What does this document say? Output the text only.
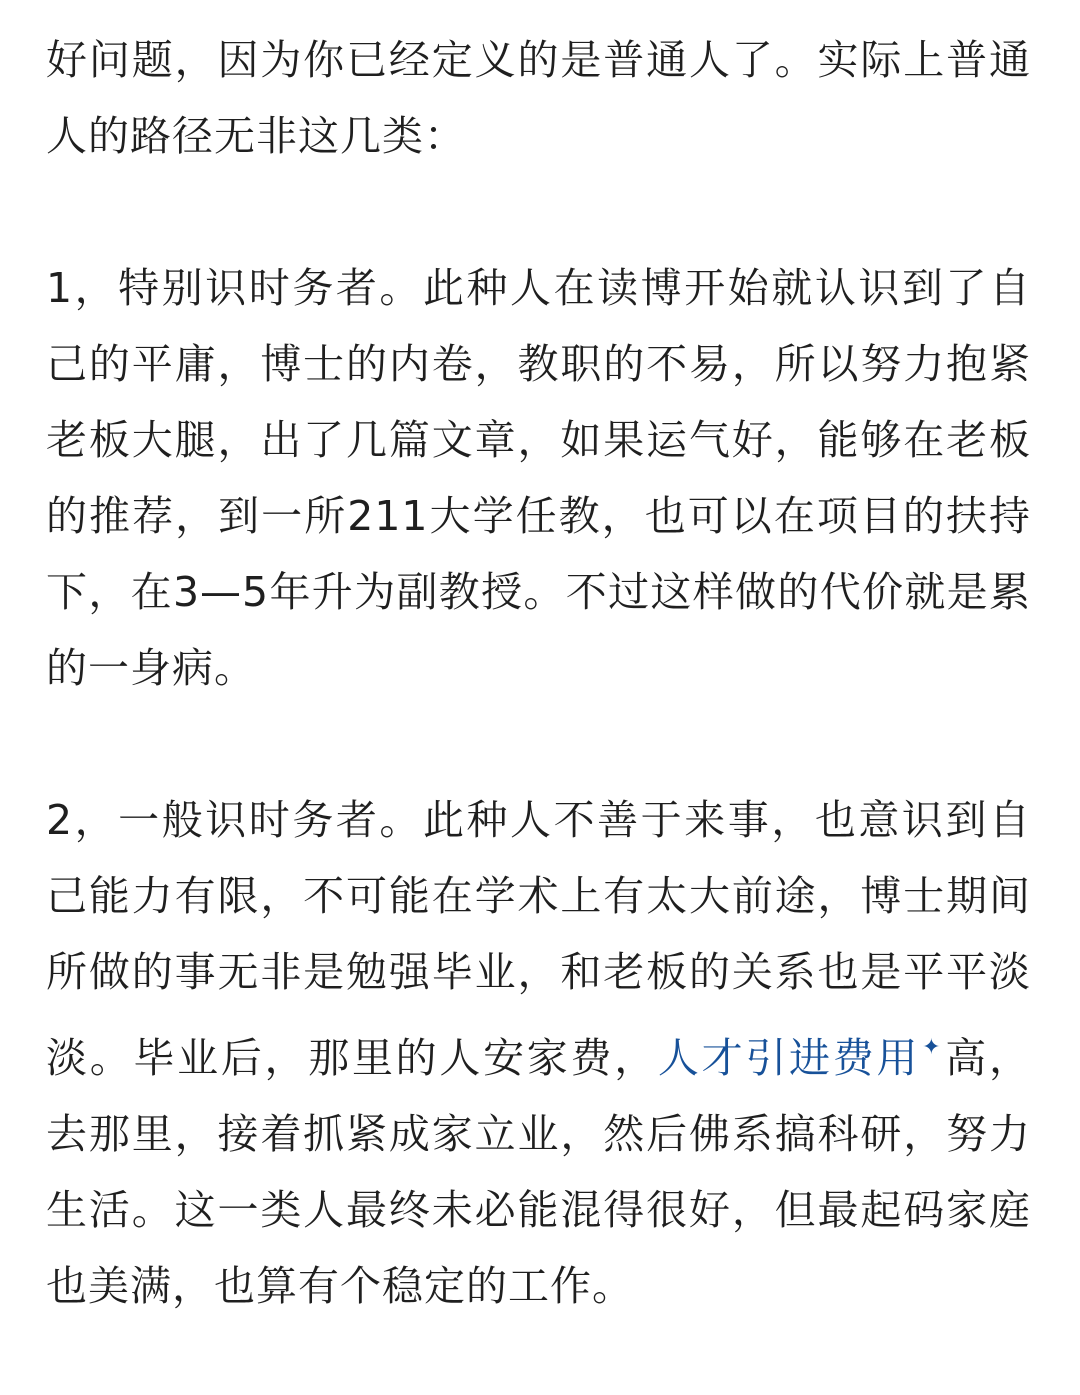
好问题，因为你已经定义的是普通人了。实际上普通人的路径无非这几类：

1，特别识时务者。此种人在读博开始就认识到了自己的平庸，博士的内卷，教职的不易，所以努力抱紧老板大腿，出了几篇文章，如果运气好，能够在老板的推荐，到一所211大学任教，也可以在项目的扶持下，在3—5年升为副教授。不过这样做的代价就是累的一身病。

2，一般识时务者。此种人不善于来事，也意识到自己能力有限，不可能在学术上有太大前途，博士期间所做的事无非是勉强毕业，和老板的关系也是平平淡淡。毕业后，那里的人安家费，人才引进费用✦高，去那里，接着抓紧成家立业，然后佛系搞科研，努力生活。这一类人最终未必能混得很好，但最起码家庭也美满，也算有个稳定的工作。
